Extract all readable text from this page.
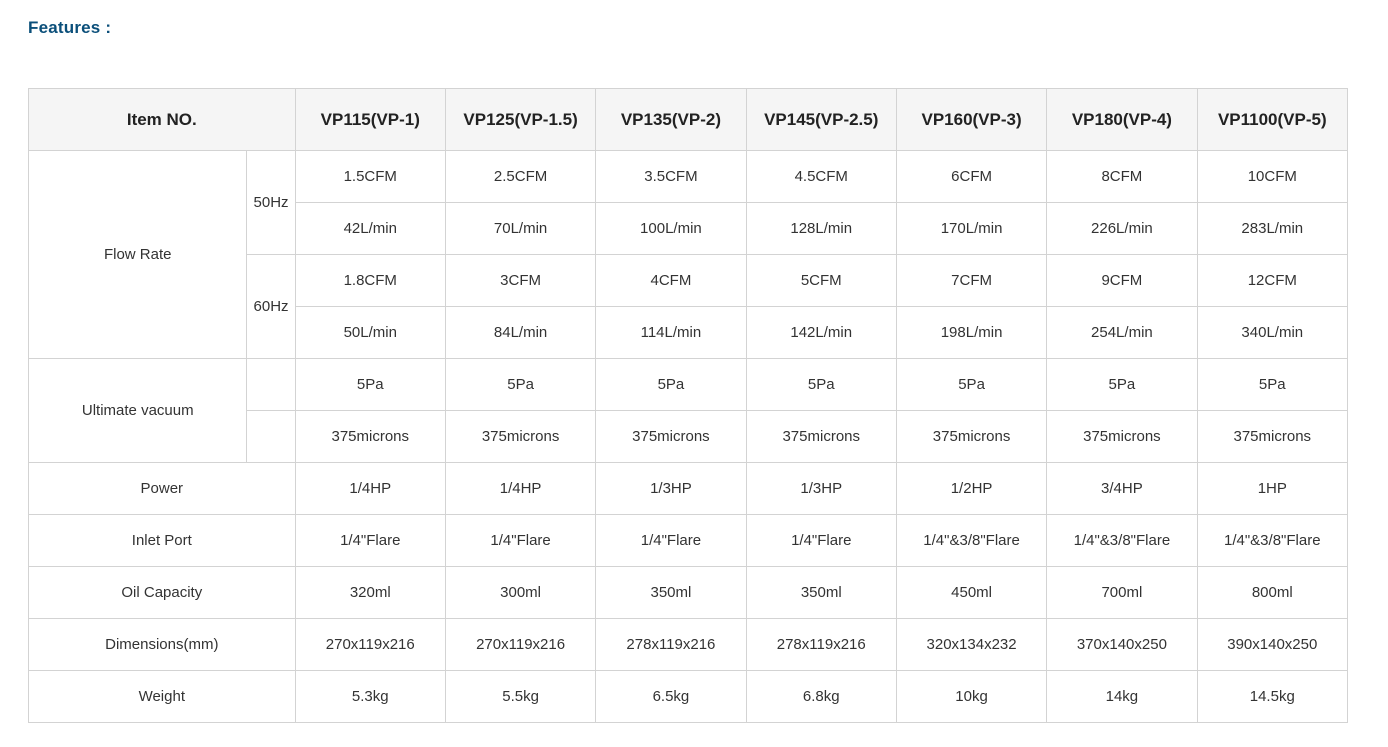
Features :
Item NO.		VP115(VP-1)	VP125(VP-1.5)	VP135(VP-2)	VP145(VP-2.5)	VP160(VP-3)	VP180(VP-4)	VP1100(VP-5)
Flow Rate	50Hz	1.5CFM	2.5CFM	3.5CFM	4.5CFM	6CFM	8CFM	10CFM
		42L/min	70L/min	100L/min	128L/min	170L/min	226L/min	283L/min
	60Hz	1.8CFM	3CFM	4CFM	5CFM	7CFM	9CFM	12CFM
		50L/min	84L/min	114L/min	142L/min	198L/min	254L/min	340L/min
Ultimate vacuum		5Pa	5Pa	5Pa	5Pa	5Pa	5Pa	5Pa
		375microns	375microns	375microns	375microns	375microns	375microns	375microns
Power		1/4HP	1/4HP	1/3HP	1/3HP	1/2HP	3/4HP	1HP
Inlet Port		1/4"Flare	1/4"Flare	1/4"Flare	1/4"Flare	1/4"&3/8"Flare	1/4"&3/8"Flare	1/4"&3/8"Flare
Oil Capacity		320ml	300ml	350ml	350ml	450ml	700ml	800ml
Dimensions(mm)		270x119x216	270x119x216	278x119x216	278x119x216	320x134x232	370x140x250	390x140x250
Weight		5.3kg	5.5kg	6.5kg	6.8kg	10kg	14kg	14.5kg
